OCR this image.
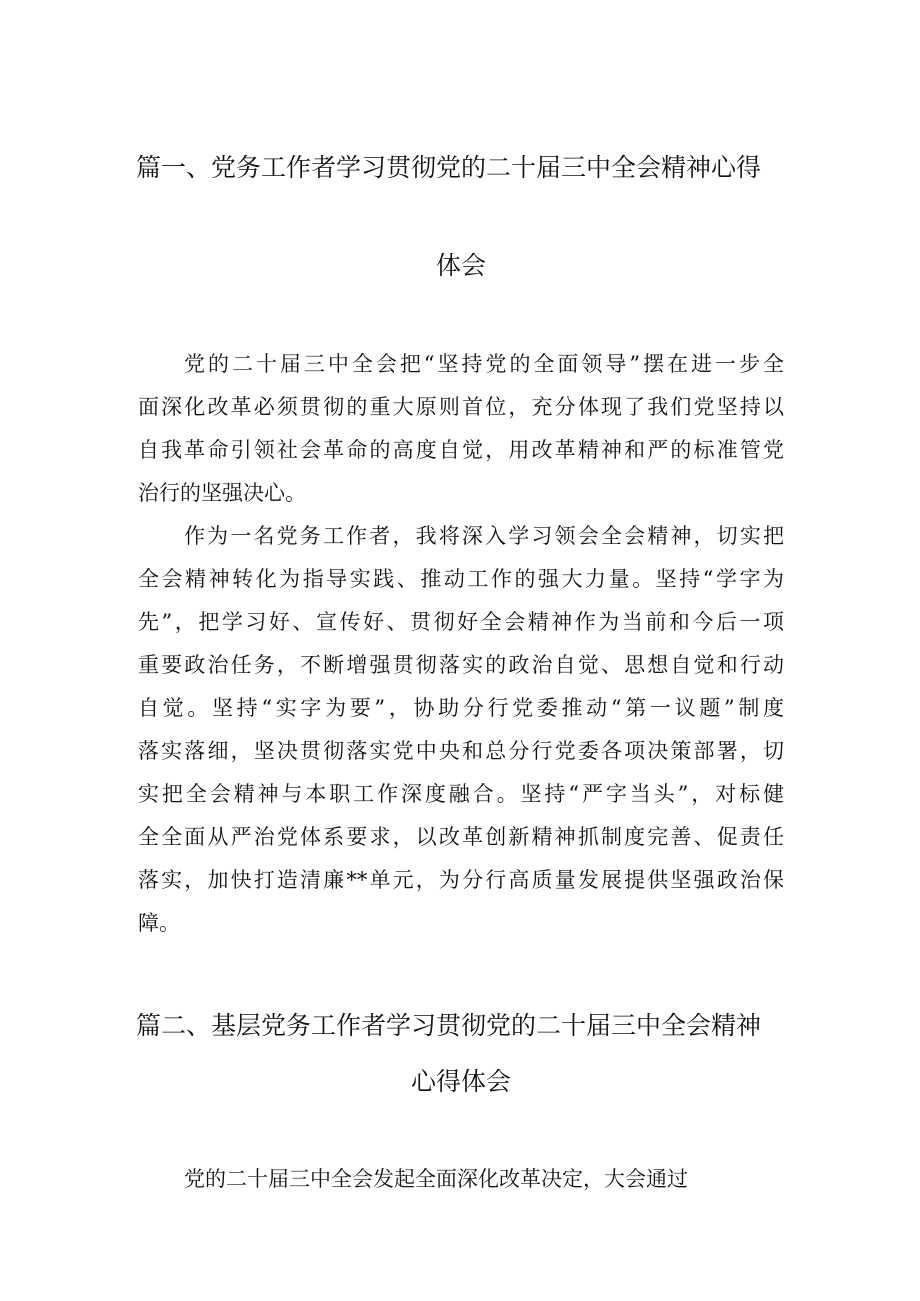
篇一、党务工作者学习贯彻党的二十届三中全会精神心得
体会
党的二十届三中全会把“坚持党的全面领导”摆在进一步全
面深化改革必须贯彻的重大原则首位，充分体现了我们党坚持以
自我革命引领社会革命的高度自觉，用改革精神和严的标准管党
治行的坚强决心。
作为一名党务工作者，我将深入学习领会全会精神，切实把
全会精神转化为指导实践、推动工作的强大力量。坚持“学字为
先”，把学习好、宣传好、贯彻好全会精神作为当前和今后一项
重要政治任务，不断增强贯彻落实的政治自觉、思想自觉和行动
自觉。坚持“实字为要”，协助分行党委推动“第一议题”制度
落实落细，坚决贯彻落实党中央和总分行党委各项决策部署，切
实把全会精神与本职工作深度融合。坚持“严字当头”，对标健
全全面从严治党体系要求，以改革创新精神抓制度完善、促责任
落实，加快打造清廉**单元，为分行高质量发展提供坚强政治保
障。
篇二、基层党务工作者学习贯彻党的二十届三中全会精神
心得体会
党的二十届三中全会发起全面深化改革决定，大会通过
